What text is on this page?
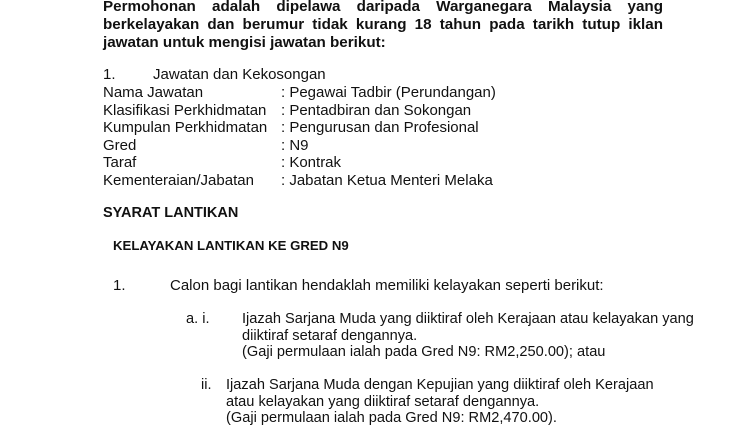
Permohonan adalah dipelawa daripada Warganegara Malaysia yang
berkelayakan dan berumur tidak kurang 18 tahun pada tarikh tutup iklan
jawatan untuk mengisi jawatan berikut:
1. Jawatan dan Kekosongan
Nama Jawatan	: Pegawai Tadbir (Perundangan)
Klasifikasi Perkhidmatan : Pentadbiran dan Sokongan
Kumpulan Perkhidmatan : Pengurusan dan Profesional
Gred	: N9
Taraf	: Kontrak
Kementeraian/Jabatan : Jabatan Ketua Menteri Melaka
SYARAT LANTIKAN
KELAYAKAN LANTIKAN KE GRED N9
1.	Calon bagi lantikan hendaklah memiliki kelayakan seperti berikut:
a. i. Ijazah Sarjana Muda yang diiktiraf oleh Kerajaan atau kelayakan yang
diiktiraf setaraf dengannya.
(Gaji permulaan ialah pada Gred N9: RM2,250.00); atau
ii. Ijazah Sarjana Muda dengan Kepujian yang diiktiraf oleh Kerajaan
atau kelayakan yang diiktiraf setaraf dengannya.
(Gaji permulaan ialah pada Gred N9: RM2,470.00).
